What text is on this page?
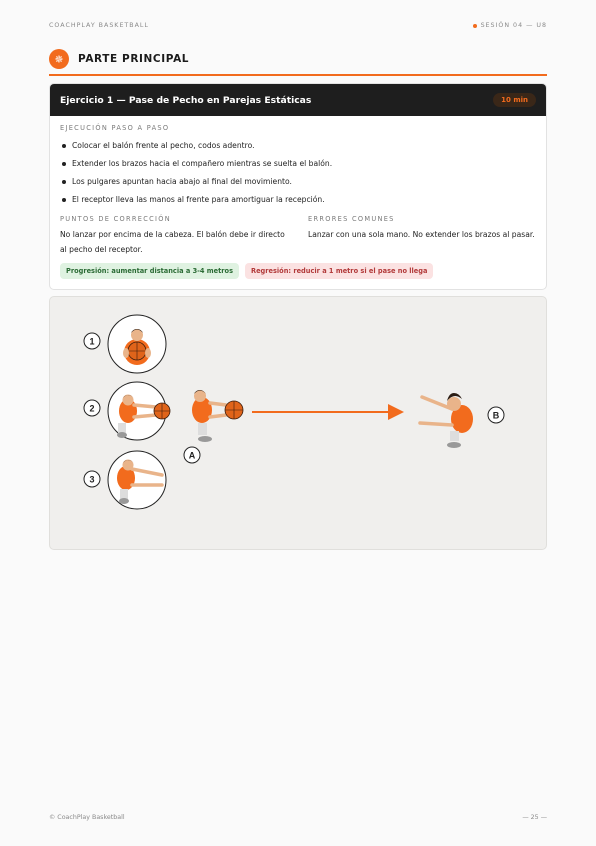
COACHPLAY BASKETBALL	SESIÓN 04 — U8
✵	PARTE PRINCIPAL
Ejercicio 1 — Pase de Pecho en Parejas Estáticas	10 min
EJECUCIÓN PASO A PASO
Colocar el balón frente al pecho, codos adentro.
Extender los brazos hacia el compañero mientras se suelta el balón.
Los pulgares apuntan hacia abajo al final del movimiento.
El receptor lleva las manos al frente para amortiguar la recepción.
PUNTOS DE CORRECCIÓN

No lanzar por encima de la cabeza. El balón debe ir directo al pecho del receptor.

ERRORES COMUNES

Lanzar con una sola mano. No extender los brazos al pasar.

Progresión: aumentar distancia a 3-4 metros	Regresión: reducir a 1 metro si el pase no llega
1
2
3
A
B
© CoachPlay Basketball	— 25 —
